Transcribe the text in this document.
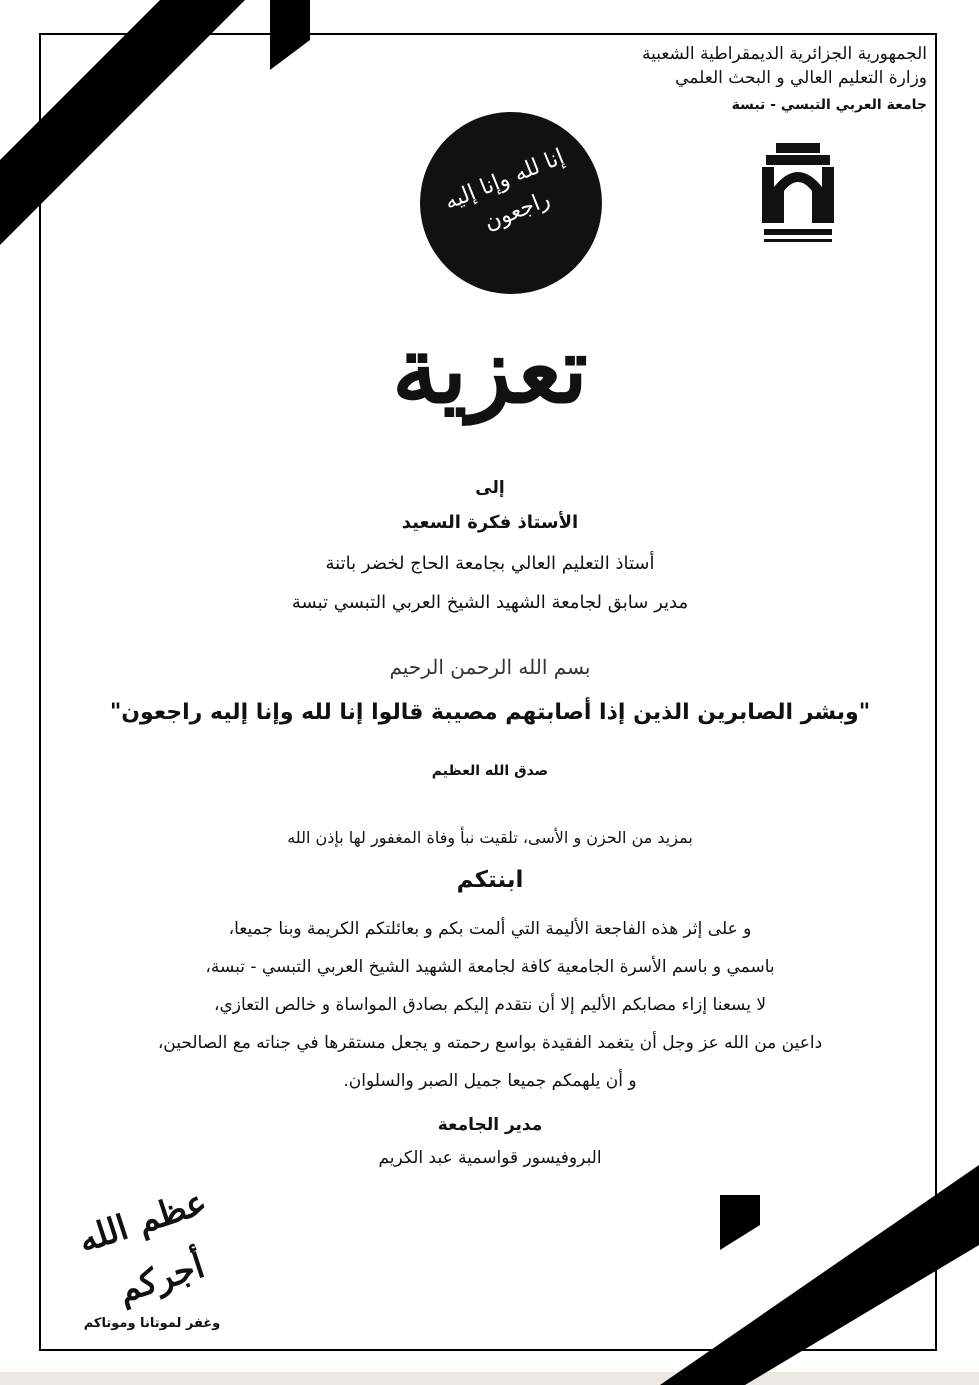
الجمهورية الجزائرية الديمقراطية الشعبية
وزارة التعليم العالي و البحث العلمي
جامعة العربي التبسي - تبسة
إنا لله وإنا إليه راجعون
تعزية
إلى
الأستاذ فكرة السعيد
أستاذ التعليم العالي بجامعة الحاج لخضر باتنة
مدير سابق لجامعة الشهيد الشيخ العربي التبسي تبسة
بسم الله الرحمن الرحيم
"وبشر الصابرين الذين إذا أصابتهم مصيبة قالوا إنا لله وإنا إليه راجعون"
صدق الله العظيم
بمزيد من الحزن و الأسى، تلقيت نبأ وفاة المغفور لها بإذن الله
ابنتكم
و على إثر هذه الفاجعة الأليمة التي ألمت بكم و بعائلتكم الكريمة وبنا جميعا،
باسمي و باسم الأسرة الجامعية كافة لجامعة الشهيد الشيخ العربي التبسي - تبسة،
لا يسعنا إزاء مصابكم الأليم إلا أن نتقدم إليكم بصادق المواساة و خالص التعازي،
داعين من الله عز وجل أن يتغمد الفقيدة بواسع رحمته و يجعل مستقرها في جناته مع الصالحين،
و أن يلهمكم جميعا جميل الصبر والسلوان.
مدير الجامعة
البروفيسور قواسمية عبد الكريم
عظم الله أجركم
وغفر لموتانا وموتاكم
